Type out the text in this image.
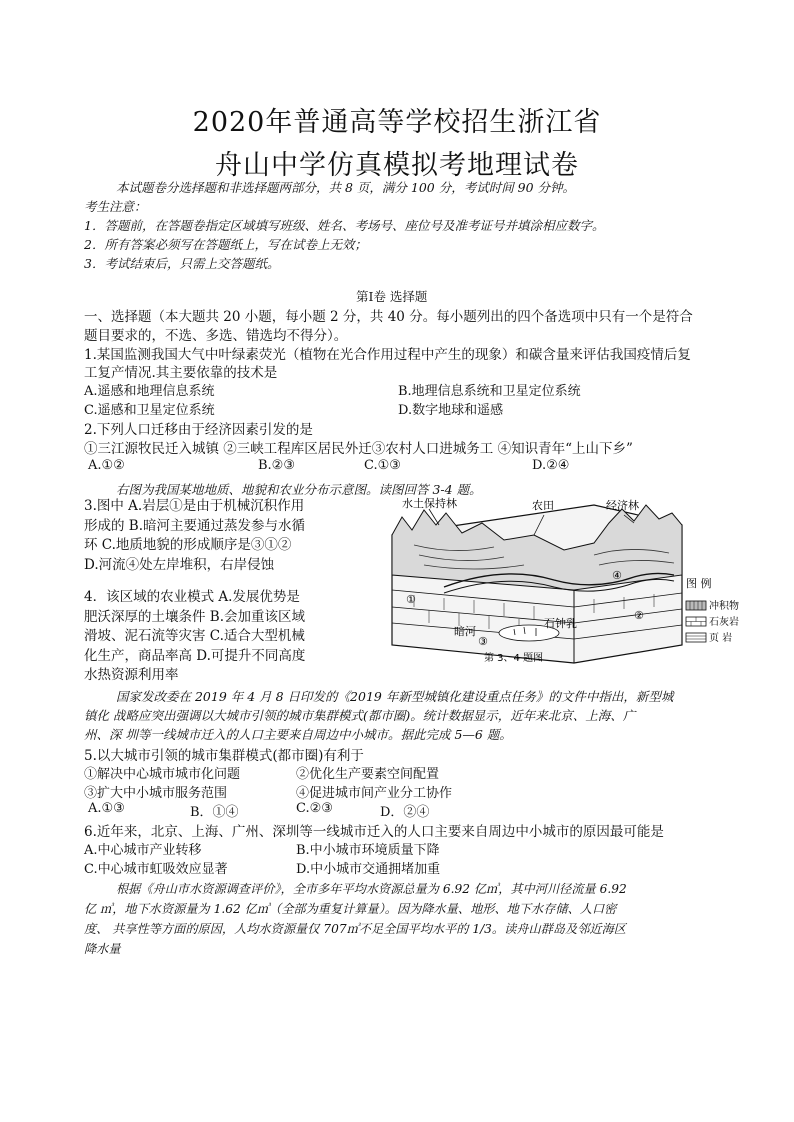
2020年普通高等学校招生浙江省
舟山中学仿真模拟考地理试卷
本试题卷分选择题和非选择题两部分，共 8 页，满分 100 分，考试时间 90 分钟。
考生注意：
1．答题前，在答题卷指定区域填写班级、姓名、考场号、座位号及准考证号并填涂相应数字。
2．所有答案必须写在答题纸上，写在试卷上无效；
3．考试结束后，只需上交答题纸。
第Ⅰ卷 选择题
一、选择题（本大题共 20 小题，每小题 2 分，共 40 分。每小题列出的四个备选项中只有一个是符合
题目要求的，不选、多选、错选均不得分）。
1.某国监测我国大气中叶绿素荧光（植物在光合作用过程中产生的现象）和碳含量来评估我国疫情后复
工复产情况.其主要依靠的技术是
A.遥感和地理信息系统	B.地理信息系统和卫星定位系统
C.遥感和卫星定位系统	D.数字地球和遥感
2.下列人口迁移由于经济因素引发的是
①三江源牧民迁入城镇 ②三峡工程库区居民外迁③农村人口进城务工 ④知识青年“上山下乡”
A.①②	B.②③	C.①③	D.②④
右图为我国某地地质、地貌和农业分布示意图。读图回答 3-4 题。
3.图中 A.岩层①是由于机械沉积作用形成的 B.暗河主要通过蒸发参与水循环 C.地质地貌的形成顺序是③①② D.河流④处左岸堆积，右岸侵蚀
4．该区域的农业模式 A.发展优势是肥沃深厚的土壤条件 B.会加重该区域滑坡、泥石流等灾害 C.适合大型机械化生产，商品率高 D.可提升不同高度水热资源利用率
水土保持林	农田	经济林
暗河
石钟乳
①
②
③
④
第 3、4 题图
图 例
冲积物
石灰岩
页 岩
国家发改委在 2019 年 4 月 8 日印发的《2019 年新型城镇化建设重点任务》的文件中指出，新型城
镇化 战略应突出强调以大城市引领的城市集群模式(都市圈)。统计数据显示，近年来北京、上海、广
州、深 圳等一线城市迁入的人口主要来自周边中小城市。据此完成 5—6 题。
5.以大城市引领的城市集群模式(都市圈)有利于
①解决中心城市城市化问题	②优化生产要素空间配置
③扩大中小城市服务范围	④促进城市间产业分工协作
A.①③	B．①④	C.②③	D．②④
6.近年来，北京、上海、广州、深圳等一线城市迁入的人口主要来自周边中小城市的原因最可能是
A.中心城市产业转移	B.中小城市环境质量下降
C.中心城市虹吸效应显著	D.中小城市交通拥堵加重
根据《舟山市水资源调查评价》，全市多年平均水资源总量为 6.92 亿㎥，其中河川径流量 6.92
亿 ㎥，地下水资源量为 1.62 亿㎥（全部为重复计算量）。因为降水量、地形、地下水存储、人口密
度、 共享性等方面的原因，人均水资源量仅 707㎥不足全国平均水平的 1/3。读舟山群岛及邻近海区
降水量
